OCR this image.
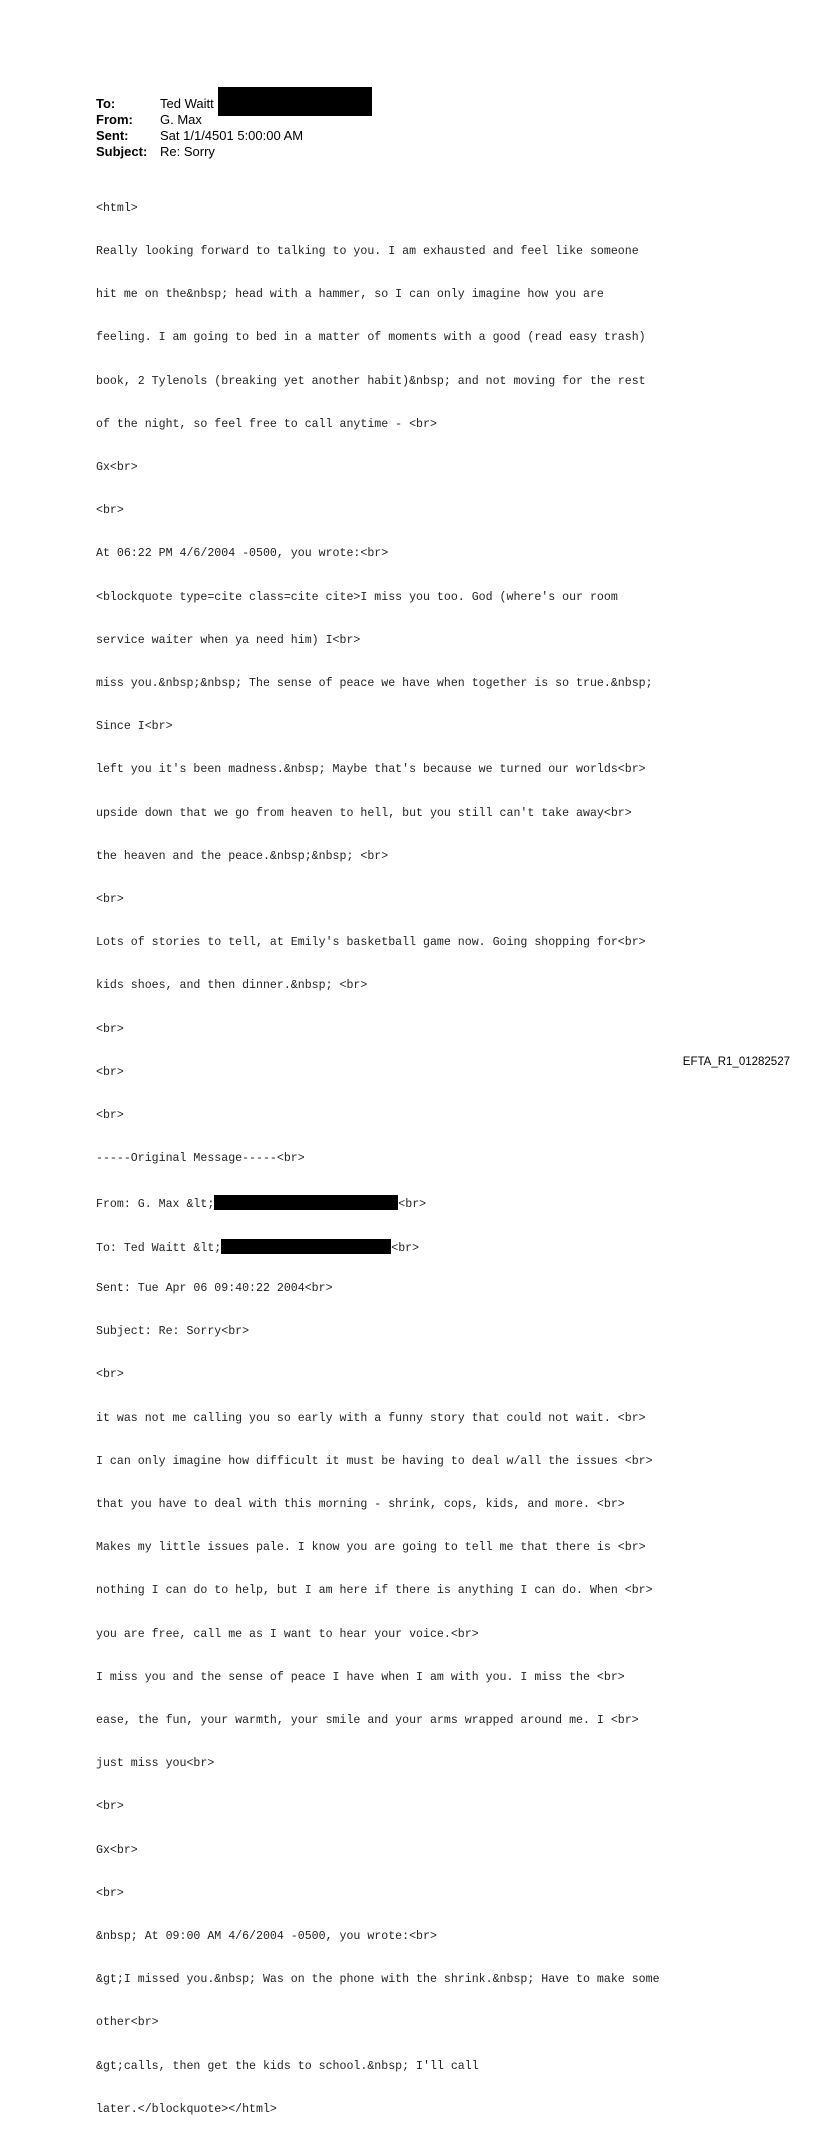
To:	Ted Waitt
From:	G. Max
Sent:	Sat 1/1/4501 5:00:00 AM
Subject: Re: Sorry

<html>

Really looking forward to talking to you. I am exhausted and feel like someone

hit me on the&nbsp; head with a hammer, so I can only imagine how you are

feeling. I am going to bed in a matter of moments with a good (read easy trash)

book, 2 Tylenols (breaking yet another habit)&nbsp; and not moving for the rest

of the night, so feel free to call anytime - <br>

Gx<br>

<br>

At 06:22 PM 4/6/2004 -0500, you wrote:<br>

<blockquote type=cite class=cite cite>I miss you too. God (where's our room

service waiter when ya need him) I<br>

miss you.&nbsp;&nbsp; The sense of peace we have when together is so true.&nbsp;

Since I<br>

left you it's been madness.&nbsp; Maybe that's because we turned our worlds<br>

upside down that we go from heaven to hell, but you still can't take away<br>

the heaven and the peace.&nbsp;&nbsp; <br>

<br>

Lots of stories to tell, at Emily's basketball game now. Going shopping for<br>

kids shoes, and then dinner.&nbsp; <br>

<br>

<br>

<br>

-----Original Message-----<br>

From: G. Max &lt;	<br>

To: Ted Waitt &lt;	<br>

Sent: Tue Apr 06 09:40:22 2004<br>

Subject: Re: Sorry<br>

<br>

it was not me calling you so early with a funny story that could not wait. <br>

I can only imagine how difficult it must be having to deal w/all the issues <br>

that you have to deal with this morning - shrink, cops, kids, and more. <br>

Makes my little issues pale. I know you are going to tell me that there is <br>

nothing I can do to help, but I am here if there is anything I can do. When <br>

you are free, call me as I want to hear your voice.<br>

I miss you and the sense of peace I have when I am with you. I miss the <br>

ease, the fun, your warmth, your smile and your arms wrapped around me. I <br>

just miss you<br>

<br>

Gx<br>

<br>

&nbsp; At 09:00 AM 4/6/2004 -0500, you wrote:<br>

&gt;I missed you.&nbsp; Was on the phone with the shrink.&nbsp; Have to make some

other<br>

&gt;calls, then get the kids to school.&nbsp; I'll call

later.</blockquote></html>

EFTA_R1_01282527
